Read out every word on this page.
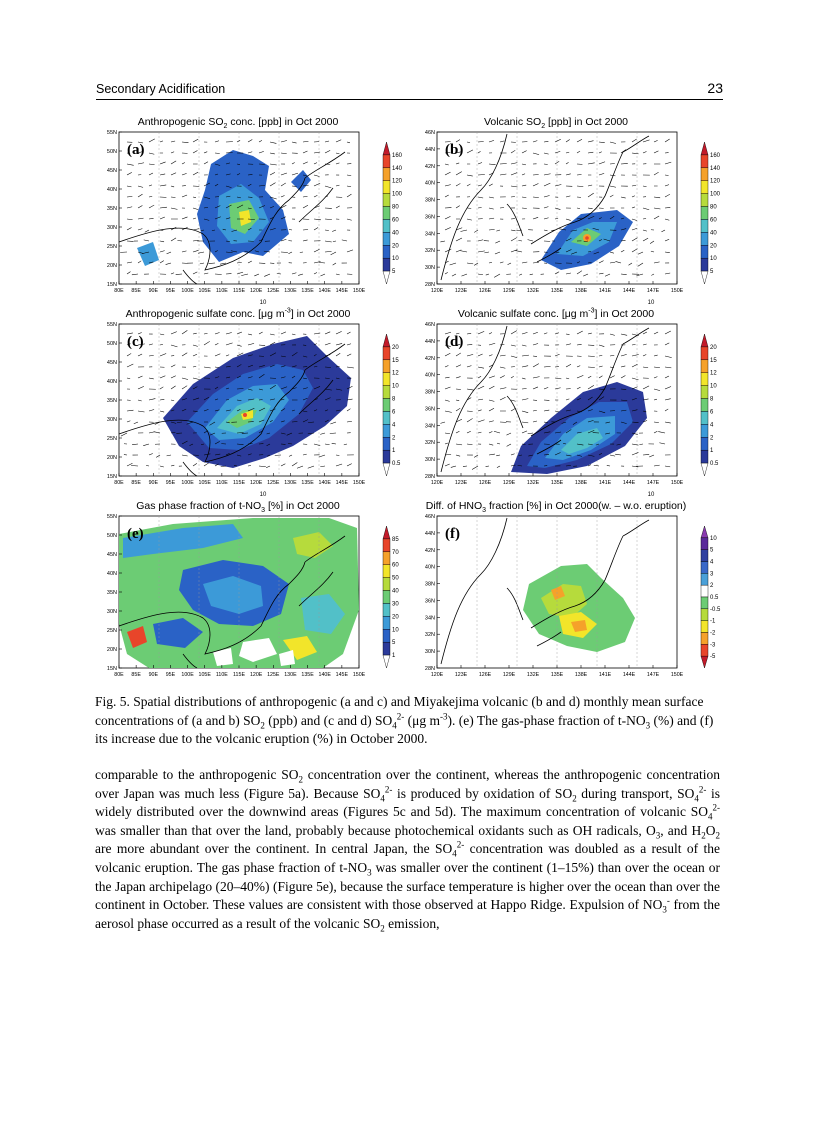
Secondary Acidification	23
Anthropogenic $SO_2$ conc. [ppb] in Oct 2000
(a)
55N
50N
45N
40N
35N
30N
25N
20N
15N
80E 85E 90E 95E 100E 105E 110E 115E 120E 125E 130E 135E 140E 145E 150E
10
160
140
120
100
80
60
40
20
10
5
Volcanic $SO_2$ [ppb] in Oct 2000
(b)
46N
44N
42N
40N
38N
36N
34N
32N
30N
28N
120E 123E 126E 129E 132E 135E 138E 141E 144E 147E 150E
10
160
140
120
100
80
60
40
20
10
5
Anthropogenic sulfate conc. [μg $m^{-3}$] in Oct 2000
(c)
55N
50N
45N
40N
35N
30N
25N
20N
15N
80E 85E 90E 95E 100E 105E 110E 115E 120E 125E 130E 135E 140E 145E 150E
10
20
15
12
10
8
6
4
2
1
0.5
Volcanic sulfate conc. [μg $m^{-3}$] in Oct 2000
(d)
46N
44N
42N
40N
38N
36N
34N
32N
30N
28N
120E 123E 126E 129E 132E 135E 138E 141E 144E 147E 150E
10
20
15
12
10
8
6
4
2
1
0.5
Gas phase fraction of $t-NO_3$ [%] in Oct 2000
(e)
55N
50N
45N
40N
35N
30N
25N
20N
15N
80E 85E 90E 95E 100E 105E 110E 115E 120E 125E 130E 135E 140E 145E 150E
85
70
60
50
40
30
20
10
5
1
Diff. of $HNO_3$ fraction [%] in Oct 2000(w. – w.o. eruption)
(f)
46N
44N
42N
40N
38N
36N
34N
32N
30N
28N
120E 123E 126E 129E 132E 135E 138E 141E 144E 147E 150E
10
5
4
3
2
0.5
-0.5
-1
-2
-3
-5
Fig. 5. Spatial distributions of anthropogenic (a and c) and Miyakejima volcanic (b and d) monthly mean surface concentrations of (a and b) $SO_2$ (ppb) and (c and d) $SO_4^{2-}$ (μg $m^{-3}$). (e) The gas-phase fraction of $t-NO_3$ (%) and (f) its increase due to the volcanic eruption (%) in October 2000.
comparable to the anthropogenic $SO_2$ concentration over the continent, whereas the anthropogenic concentration over Japan was much less (Figure 5a). Because $SO_4^{2-}$ is produced by oxidation of $SO_2$ during transport, $SO_4^{2-}$ is widely distributed over the downwind areas (Figures 5c and 5d). The maximum concentration of volcanic $SO_4^{2-}$ was smaller than that over the land, probably because photochemical oxidants such as OH radicals, $O_3$, and $H_2O_2$ are more abundant over the continent. In central Japan, the $SO_4^{2-}$ concentration was doubled as a result of the volcanic eruption. The gas phase fraction of $t-NO_3$ was smaller over the continent (1–15%) than over the ocean or the Japan archipelago (20–40%) (Figure 5e), because the surface temperature is higher over the ocean than over the continent in October. These values are consistent with those observed at Happo Ridge. Expulsion of $NO_3^-$ from the aerosol phase occurred as a result of the volcanic $SO_2$ emission,
